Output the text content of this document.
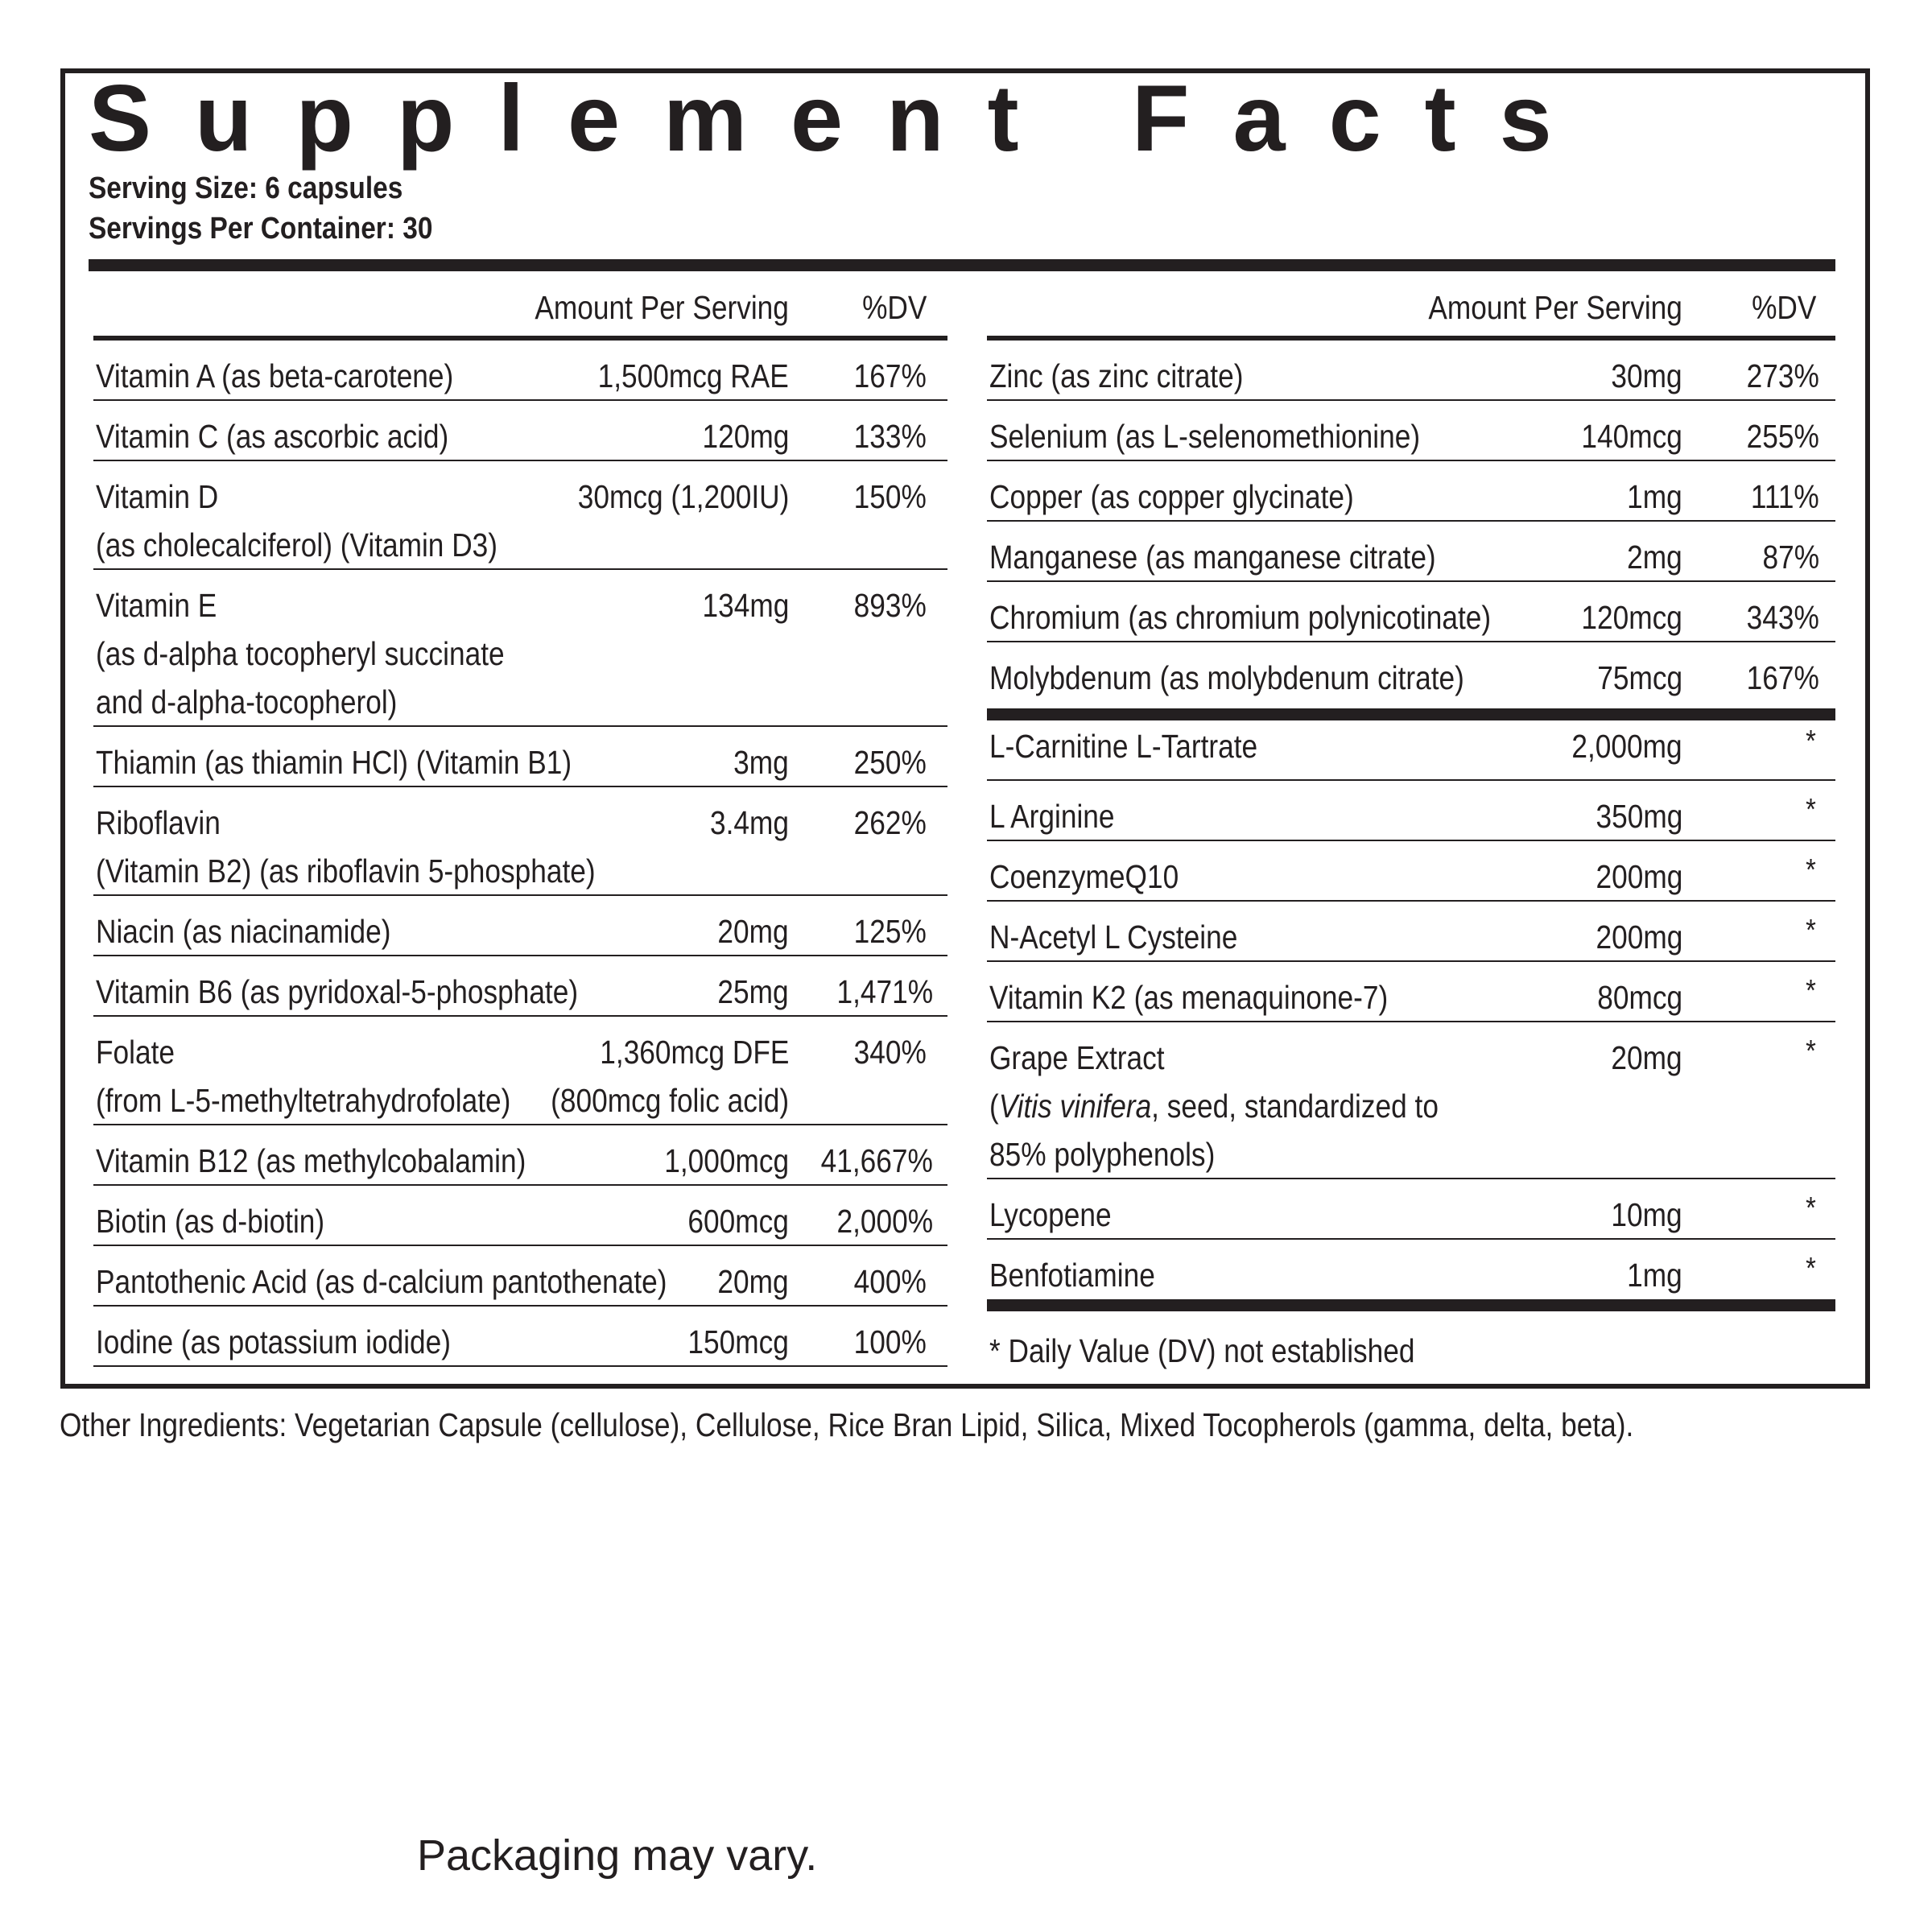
Supplement Facts
Serving Size: 6 capsules
Servings Per Container: 30
Amount Per Serving %DV
Vitamin A (as beta-carotene)	1,500mcg RAE 167%
Vitamin C (as ascorbic acid)	120mg 133%
Vitamin D
(as cholecalciferol) (Vitamin D3)
30mcg (1,200IU) 150%
Vitamin E
(as d-alpha tocopheryl succinate
and d-alpha-tocopherol)
134mg 893%
Thiamin (as thiamin HCl) (Vitamin B1)	3mg 250%
Riboflavin
(Vitamin B2) (as riboflavin 5-phosphate)
3.4mg 262%
Niacin (as niacinamide)	20mg 125%
Vitamin B6 (as pyridoxal-5-phosphate)	25mg 1,471%
Folate
(from L-5-methyltetrahydrofolate)
1,360mcg DFE
(800mcg folic acid)
340%
Vitamin B12 (as methylcobalamin)	1,000mcg 41,667%
Biotin (as d-biotin)	600mcg 2,000%
Pantothenic Acid (as d-calcium pantothenate) 20mg 400%
Iodine (as potassium iodide)	150mcg 100%
Amount Per Serving %DV
Zinc (as zinc citrate)	30mg 273%
Selenium (as L-selenomethionine)	140mcg 255%
Copper (as copper glycinate)	1mg 111%
Manganese (as manganese citrate)	2mg 87%
Chromium (as chromium polynicotinate)	120mcg 343%
Molybdenum (as molybdenum citrate)	75mcg 167%
L-Carnitine L-Tartrate	2,000mg	*
L Arginine	350mg	*
CoenzymeQ10	200mg	*
N-Acetyl L Cysteine	200mg	*
Vitamin K2 (as menaquinone-7)	80mcg	*
Grape Extract
(Vitis vinifera, seed, standardized to
85% polyphenols)
20mg	*
Lycopene	10mg	*
Benfotiamine	1mg	*
* Daily Value (DV) not established
Other Ingredients: Vegetarian Capsule (cellulose), Cellulose, Rice Bran Lipid, Silica, Mixed Tocopherols (gamma, delta, beta).
Packaging may vary.
